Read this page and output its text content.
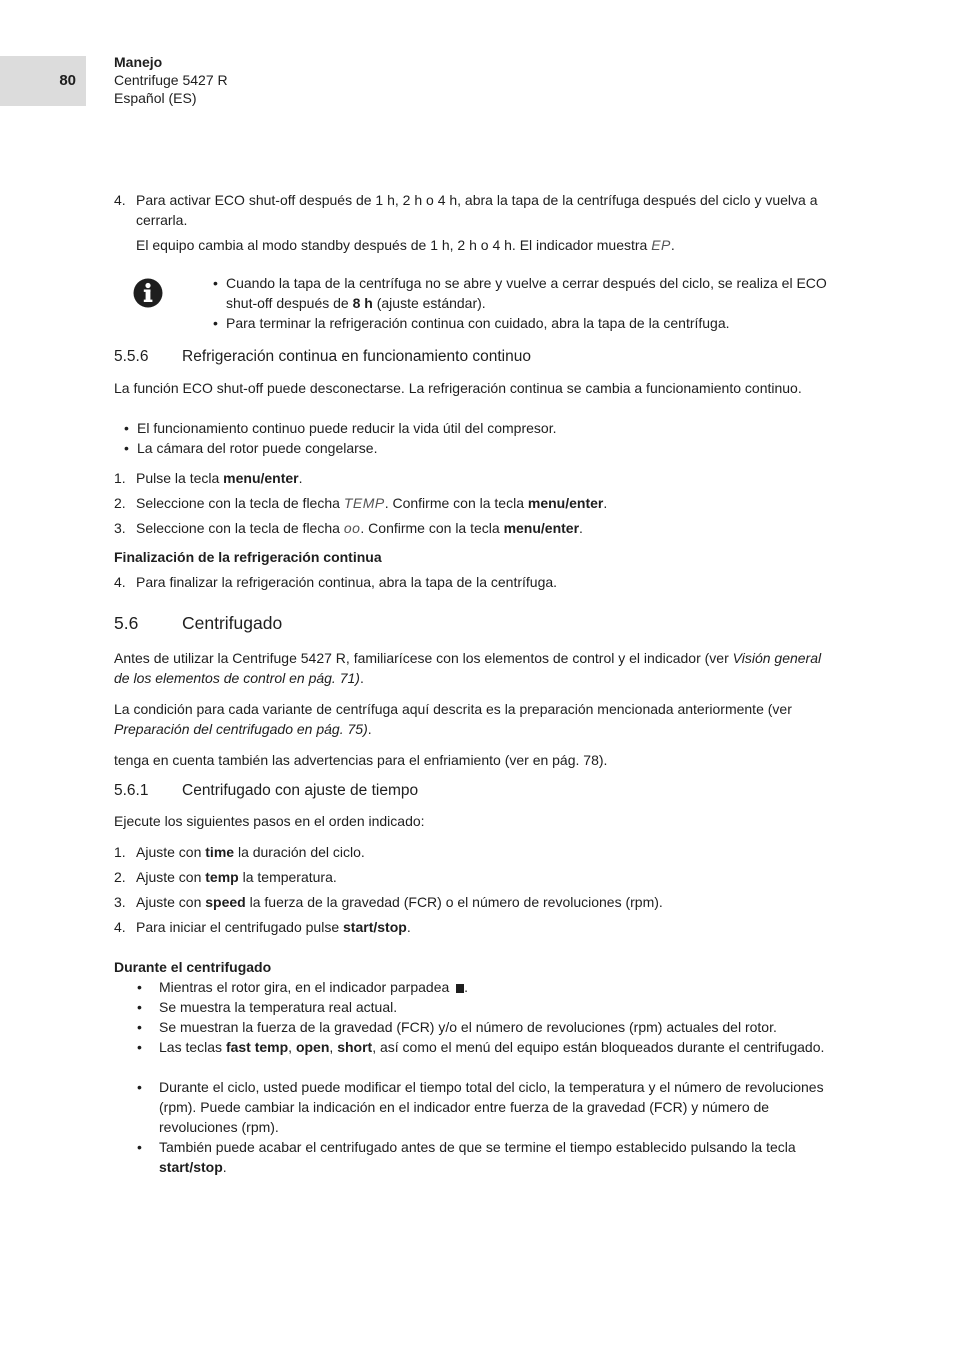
80
Manejo
Centrifuge 5427 R
Español (ES)
4. Para activar ECO shut-off después de 1 h, 2 h o 4 h, abra la tapa de la centrífuga después del ciclo y vuelva a cerrarla.
El equipo cambia al modo standby después de 1 h, 2 h o 4 h. El indicador muestra EP.
• Cuando la tapa de la centrífuga no se abre y vuelve a cerrar después del ciclo, se realiza el ECO shut-off después de 8 h (ajuste estándar).
• Para terminar la refrigeración continua con cuidado, abra la tapa de la centrífuga.
5.5.6 Refrigeración continua en funcionamiento continuo
La función ECO shut-off puede desconectarse. La refrigeración continua se cambia a funcionamiento continuo.
• El funcionamiento continuo puede reducir la vida útil del compresor.
• La cámara del rotor puede congelarse.
1. Pulse la tecla menu/enter.
2. Seleccione con la tecla de flecha TEMP. Confirme con la tecla menu/enter.
3. Seleccione con la tecla de flecha oo. Confirme con la tecla menu/enter.
Finalización de la refrigeración continua
4. Para finalizar la refrigeración continua, abra la tapa de la centrífuga.
5.6 Centrifugado
Antes de utilizar la Centrifuge 5427 R, familiarícese con los elementos de control y el indicador (ver Visión general de los elementos de control en pág. 71).
La condición para cada variante de centrífuga aquí descrita es la preparación mencionada anteriormente (ver Preparación del centrifugado en pág. 75).
tenga en cuenta también las advertencias para el enfriamiento (ver en pág. 78).
5.6.1 Centrifugado con ajuste de tiempo
Ejecute los siguientes pasos en el orden indicado:
1. Ajuste con time la duración del ciclo.
2. Ajuste con temp la temperatura.
3. Ajuste con speed la fuerza de la gravedad (FCR) o el número de revoluciones (rpm).
4. Para iniciar el centrifugado pulse start/stop.
Durante el centrifugado
• Mientras el rotor gira, en el indicador parpadea .
• Se muestra la temperatura real actual.
• Se muestran la fuerza de la gravedad (FCR) y/o el número de revoluciones (rpm) actuales del rotor.
• Las teclas fast temp, open, short, así como el menú del equipo están bloqueados durante el centrifugado.
• Durante el ciclo, usted puede modificar el tiempo total del ciclo, la temperatura y el número de revoluciones (rpm). Puede cambiar la indicación en el indicador entre fuerza de la gravedad (FCR) y número de revoluciones (rpm).
• También puede acabar el centrifugado antes de que se termine el tiempo establecido pulsando la tecla start/stop.
